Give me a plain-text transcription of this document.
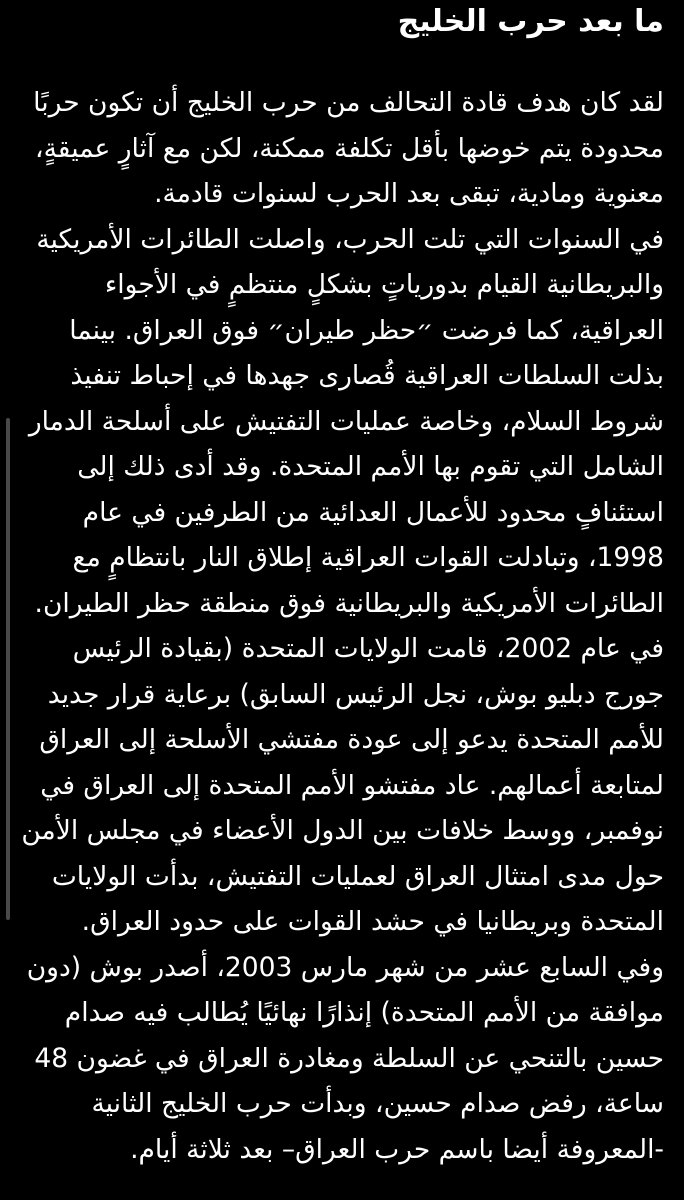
ما بعد حرب الخليج

لقد كان هدف قادة التحالف من حرب الخليج أن تكون حربًا محدودة يتم خوضها بأقل تكلفة ممكنة، لكن مع آثارٍ عميقةٍ، معنوية ومادية، تبقى بعد الحرب لسنوات قادمة.

في السنوات التي تلت الحرب، واصلت الطائرات الأمريكية والبريطانية القيام بدورياتٍ بشكلٍ منتظمٍ في الأجواء العراقية، كما فرضت ״حظر طيران״ فوق العراق. بينما بذلت السلطات العراقية قُصارى جهدها في إحباط تنفيذ شروط السلام، وخاصة عمليات التفتيش على أسلحة الدمار الشامل التي تقوم بها الأمم المتحدة. وقد أدى ذلك إلى استئنافٍ محدود للأعمال العدائية من الطرفين في عام 1998، وتبادلت القوات العراقية إطلاق النار بانتظامٍ مع الطائرات الأمريكية والبريطانية فوق منطقة حظر الطيران.

في عام 2002، قامت الولايات المتحدة (بقيادة الرئيس جورج دبليو بوش، نجل الرئيس السابق) برعاية قرار جديد للأمم المتحدة يدعو إلى عودة مفتشي الأسلحة إلى العراق لمتابعة أعمالهم. عاد مفتشو الأمم المتحدة إلى العراق في نوفمبر، ووسط خلافات بين الدول الأعضاء في مجلس الأمن حول مدى امتثال العراق لعمليات التفتيش، بدأت الولايات المتحدة وبريطانيا في حشد القوات على حدود العراق.

وفي السابع عشر من شهر مارس 2003، أصدر بوش (دون موافقة من الأمم المتحدة) إنذارًا نهائيًا يُطالب فيه صدام حسين بالتنحي عن السلطة ومغادرة العراق في غضون 48 ساعة، رفض صدام حسين، وبدأت حرب الخليج الثانية -المعروفة أيضا باسم حرب العراق– بعد ثلاثة أيام.
